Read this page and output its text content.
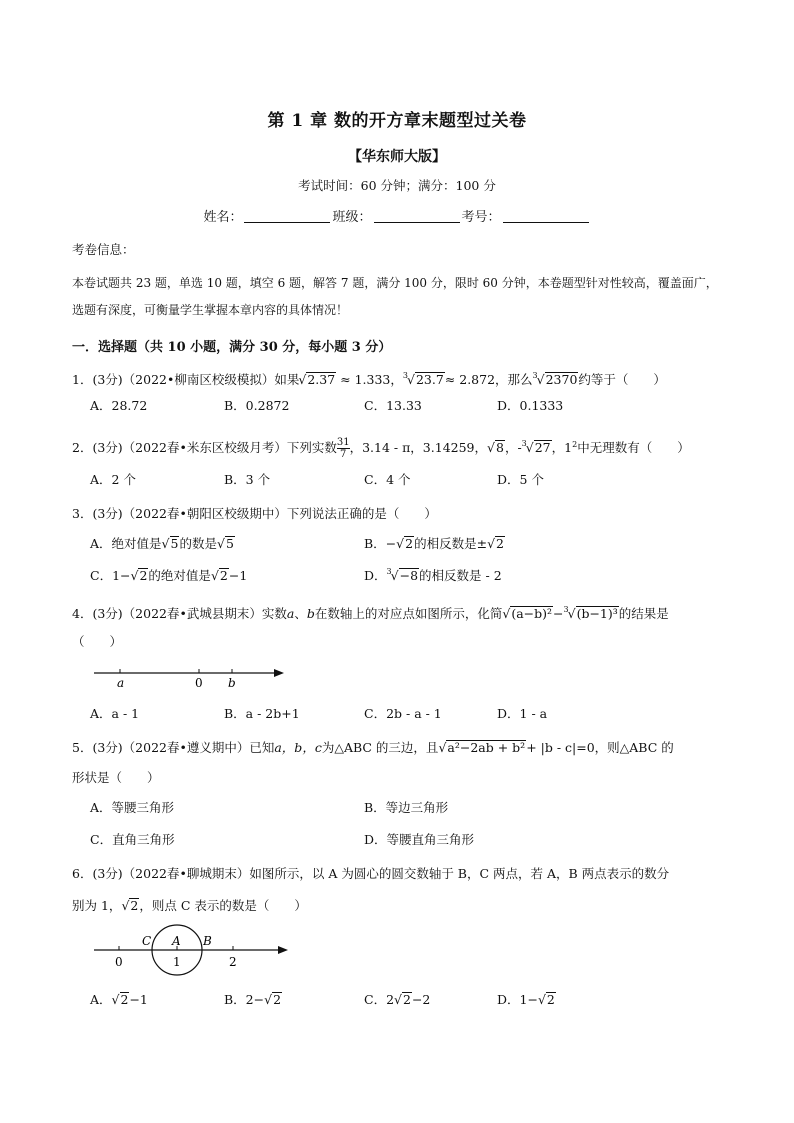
第 1 章 数的开方章末题型过关卷
【华东师大版】
考试时间：60 分钟；满分：100 分
姓名：	班级：	考号：
考卷信息：
本卷试题共 23 题，单选 10 题，填空 6 题，解答 7 题，满分 100 分，限时 60 分钟，本卷题型针对性较高，覆盖面广，选题有深度，可衡量学生掌握本章内容的具体情况！
一．选择题（共 10 小题，满分 30 分，每小题 3 分）
1．(3分)（2022•柳南区校级模拟）如果√2.37 ≈ 1.333，$^3$√23.7≈ 2.872，那么$^3$√2370约等于（　　）
A．28.72	B．0.2872	C．13.33	D．0.1333
2．(3分)（2022春•米东区校级月考）下列实数 $\frac{31}{7}$ ，3.14 - π，3.14259，√8，-$^3$√27，$1^2$中无理数有（　　）
A．2 个	B．3 个	C．4 个	D．5 个
3．(3分)（2022春•朝阳区校级期中）下列说法正确的是（　　）
A．绝对值是√5的数是√5	B．−√2的相反数是±√2
C．1−√2的绝对值是√2−1	D．$^3$√−8的相反数是 - 2
4．(3分)（2022春•武城县期末）实数a、b在数轴上的对应点如图所示，化简√(a−b)²−$^3$√(b−1)³的结果是
（　　）
a	0 b
A．a - 1	B．a - 2b+1	C．2b - a - 1	D．1 - a
5．(3分)（2022春•遵义期中）已知a，b，c为△ABC 的三边，且√a²−2ab + b²+ |b - c|=0，则△ABC 的
形状是（　　）
A．等腰三角形	B．等边三角形
C．直角三角形	D．等腰直角三角形
6．(3分)（2022春•聊城期末）如图所示，以 A 为圆心的圆交数轴于 B，C 两点，若 A，B 两点表示的数分
别为 1，√2，则点 C 表示的数是（　　）
C A B
0	1	2
A．√2−1	B．2−√2	C．2√2−2	D．1−√2
